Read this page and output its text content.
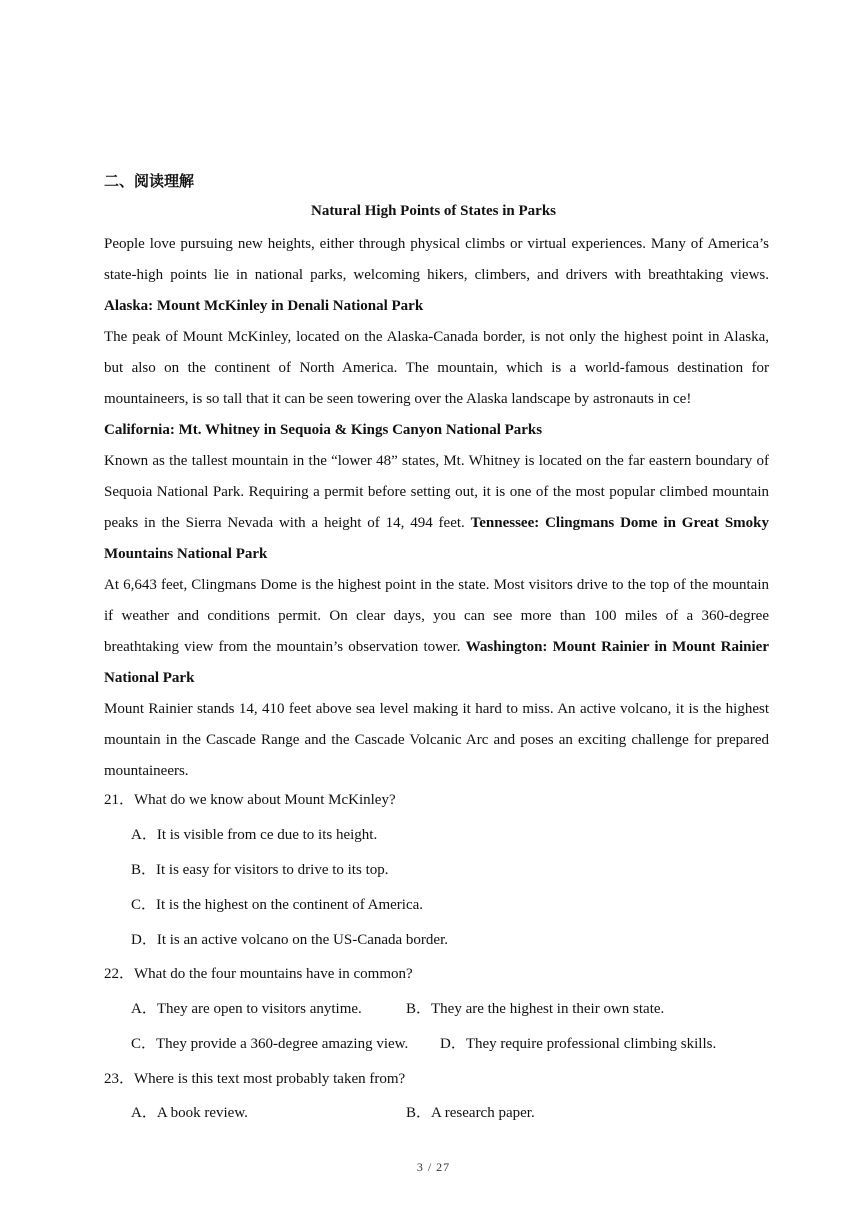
二、阅读理解
Natural High Points of States in Parks

People love pursuing new heights, either through physical climbs or virtual experiences. Many of America’s state-high points lie in national parks, welcoming hikers, climbers, and drivers with breathtaking views. Alaska: Mount McKinley in Denali National Park

The peak of Mount McKinley, located on the Alaska-Canada border, is not only the highest point in Alaska, but also on the continent of North America. The mountain, which is a world-famous destination for mountaineers, is so tall that it can be seen towering over the Alaska landscape by astronauts in ce!

California: Mt. Whitney in Sequoia & Kings Canyon National Parks

Known as the tallest mountain in the “lower 48” states, Mt. Whitney is located on the far eastern boundary of Sequoia National Park. Requiring a permit before setting out, it is one of the most popular climbed mountain peaks in the Sierra Nevada with a height of 14, 494 feet. Tennessee: Clingmans Dome in Great Smoky Mountains National Park

At 6,643 feet, Clingmans Dome is the highest point in the state. Most visitors drive to the top of the mountain if weather and conditions permit. On clear days, you can see more than 100 miles of a 360-degree breathtaking view from the mountain’s observation tower. Washington: Mount Rainier in Mount Rainier National Park

Mount Rainier stands 14, 410 feet above sea level making it hard to miss. An active volcano, it is the highest mountain in the Cascade Range and the Cascade Volcanic Arc and poses an exciting challenge for prepared mountaineers.

21．What do we know about Mount McKinley?
A．It is visible from ce due to its height.
B．It is easy for visitors to drive to its top.
C．It is the highest on the continent of America.
D．It is an active volcano on the US-Canada border.
22．What do the four mountains have in common?
A．They are open to visitors anytime.	B．They are the highest in their own state.
C．They provide a 360-degree amazing view. D．They require professional climbing skills.
23．Where is this text most probably taken from?
A．A book review.	B．A research paper.
3 / 27
